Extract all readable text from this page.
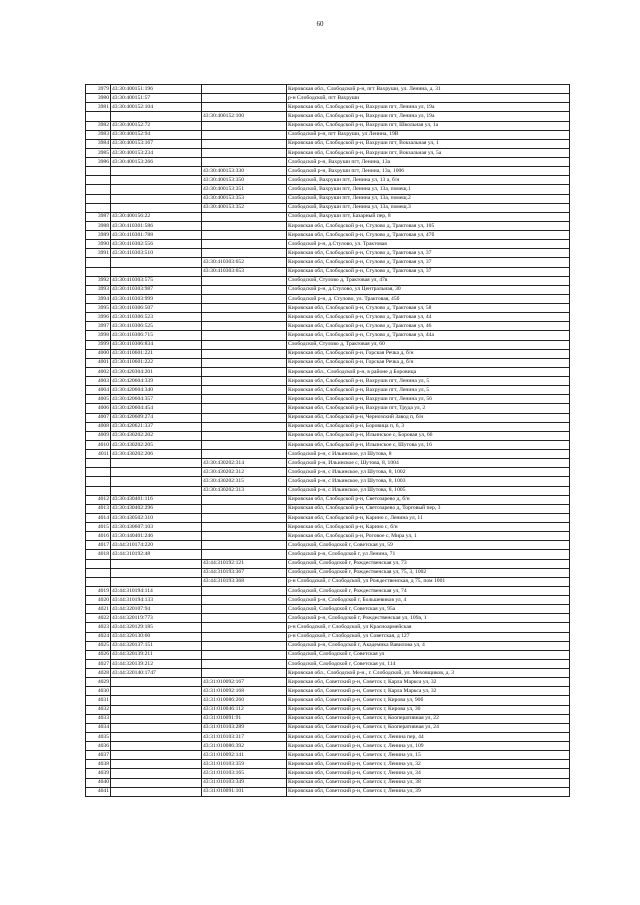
60
3979	43:30:400151:196		Кировская обл., Слободской р-н, пгт Вахруши, ул. Ленина, д. 31
3980	43:30:400151:57		р-н Слободской, пгт Вахруши
3981	43:30:400152:104		Кировская обл, Слободской р-н, Вахруши пгт, Ленина ул, 19а
		43:30:400152:100	Кировская обл, Слободской р-н, Вахруши пгт, Ленина ул, 19а
3982	43:30:400152:72		Кировская обл, Слободской р-н, Вахруши пгт, Школьная ул, 1а
3983	43:30:400152:94		Слободской р-н, пгт Вахруши, ул Ленина, 19В
3984	43:30:400153:167		Кировская обл, Слободской р-н, Вахруши пгт, Вокзальная ул, 1
3985	43:30:400153:234		Кировская обл, Слободской р-н, Вахруши пгт, Вокзальная ул, 5а
3986	43:30:400153:266		Слободской р-н, Вахруши пгт, Ленина, 13а
		43:30:400153:330	Слободской р-н, Вахруши пгт, Ленина, 13а, 1006
		43:30:400153:350	Слободской, Вахруши пгт, Ленина ул, 13 а, б/н
		43:30:400153:351	Слободской, Вахруши пгт, Ленина ул, 13а, помещ.1
		43:30:400153:353	Слободской, Вахруши пгт, Ленина ул, 13а, помещ.2
		43:30:400153:352	Слободской, Вахруши пгт, Ленина ул, 13а, помещ.3
3987	43:30:400156:22		Слободской, Вахруши пгт, Базарный пер, 8
3988	43:30:410301:586		Кировская обл, Слободской р-н, Стулово д, Трактовая ул, 105
3989	43:30:410301:788		Кировская обл, Слободской р-н, Стулово д, Трактовая ул, 47б
3990	43:30:410302:556		Слободской р-н, д.Стулово, ул. Трактовая
3991	43:30:410303:510		Кировская обл, Слободской р-н, Стулово д, Трактовая ул, 37
		43:30:410303:652	Кировская обл, Слободской р-н, Стулово д, Трактовая ул, 37
		43:30:410303:653	Кировская обл, Слободской р-н, Стулово д, Трактовая ул, 37
3992	43:30:410303:575		Слободской, Стулово д, Трактовая ул, 47в
3993	43:30:410303:987		Слободской р-н, д.Стулово, ул Центральная, 30
3994	43:30:410303:999		Слободской р-н, д. Стулово, ул. Трактовая, 45б
3995	43:30:410306:507		Кировская обл, Слободской р-н, Стулово д, Трактовая ул, 58
3996	43:30:410306:523		Кировская обл, Слободской р-н, Стулово д, Трактовая ул, 44
3997	43:30:410306:525		Кировская обл, Слободской р-н, Стулово д, Трактовая ул, 46
3998	43:30:410306:715		Кировская обл, Слободской р-н, Стулово д, Трактовая ул, 44а
3999	43:30:410306:834		Слободской, Стулово д, Трактовая ул, 60
4000	43:30:410601:221		Кировская обл, Слободской р-н, Горская Речка д, б/н
4001	43:30:410601:222		Кировская обл, Слободской р-н, Горская Речка д, б/н
4002	43:30:420304:201		Кировская обл., Слободской р-н, в районе д Боровица
4003	43:30:420604:339		Кировская обл, Слободской р-н, Вахруши пгт, Ленина ул, 5
4004	43:30:420604:340		Кировская обл, Слободской р-н, Вахруши пгт, Ленина ул, 5
4005	43:30:420604:357		Кировская обл, Слободской р-н, Вахруши пгт, Ленина ул, 56
4006	43:30:420604:454		Кировская обл, Слободской р-н, Вахруши пгт, Труда ул, 2
4007	43:30:420609:274		Кировская обл, Слободской р-н, Чернозский Завод п, б/н
4008	43:30:420621:337		Кировская обл, Слободской р-н, Боровица п, 6, 3
4009	43:30:430202:202		Кировская обл, Слободской р-н, Ильинское с, Боровая ул, 66
4010	43:30:430202:205		Кировская обл, Слободской р-н, Ильинское с, Шутова ул, 16
4011	43:30:430202:206		Слободской р-н, с Ильинское, ул Шутова, 8
		43:30:430202:314	Слободской р-н, Ильинское с, Шутова, 8, 1004
		43:30:430202:312	Слободской р-н, с Ильинское, ул Шутова, 8, 1002
		43:30:430202:315	Слободской р-н, с Ильинское, ул Шутова, 8, 1003
		43:30:430202:313	Слободской р-н, с Ильинское, ул Шутова, 8, 1005
4012	43:30:430401:116		Кировская обл, Слободской р-н, Светозарево д, б/н
4013	43:30:430402:296		Кировская обл, Слободской р-н, Светозарево д, Торговый пер, 3
4014	43:30:430502:310		Кировская обл, Слободской р-н, Карино с, Ленина ул, 11
4015	43:30:430607:103		Кировская обл, Слободской р-н, Карино с, б/н
4016	43:30:440401:246		Кировская обл, Слободской р-н, Роговое с, Мира ул, 1
4017	43:44:310174:220		Слободской, Слободской г, Советская ул, 59
4018	43:44:310192:48		Слободской р-н, Слободской г, ул Ленина, 71
		43:44:310192:121	Слободской, Слободской г, Рождественская ул, 73
		43:44:310193:367	Слободской, Слободской г, Рождественская ул, 75, 3, 1002
		43:44:310193:368	р-н Слободской, г Слободской, ул Рождественская, д 75, пом 1001
4019	43:44:310194:114		Слободской, Слободской г, Рождественская ул, 74
4020	43:44:310194:133		Слободской р-н, Слободской г, Большевиков ул, 4
4021	43:44:320107:94		Слободской, Слободской г, Советская ул, 95а
4022	43:44:320119:773		Слободской р-н, Слободской г, Рождественская ул, 109а, 1
4023	43:44:320129:185		р-н Слободской, г Слободской, ул Красноармейская
4024	43:44:320130:60		р-н Слободской, г Слободской, ул Советская, д 127
4025	43:44:320137:151		Слободской р-н, Слободской г, Академика Вавилова ул, 4
4026	43:44:320139:211		Слободской, Слободской г, Советская ул
4027	43:44:320139:212		Слободской, Слободской г, Советская ул, 114
4028	43:44:320140:1747		Кировская обл., Слободской р-н., г. Слободской, ул. Меховщиков, д. 3
4029		43:31:010092:167	Кировская обл, Советский р-н, Советск г, Карла Маркса ул, 32
4030		43:31:010092:168	Кировская обл, Советский р-н, Советск г, Карла Маркса ул, 32
4031		43:31:010086:260	Кировская обл, Советский р-н, Советск г, Кирова ул, 90б
4032		43:31:010046:112	Кировская обл, Советский р-н, Советск г, Кирова ул, 30
4033		43:31:010091:91	Кировская обл, Советский р-н, Советск г, Кооперативная ул, 22
4034		43:31:010103:289	Кировская обл, Советский р-н, Советск г, Кооперативная ул, 24
4035		43:31:010103:317	Кировская обл, Советский р-н, Советск г, Ленина пер, 44
4036		43:31:010086:392	Кировская обл, Советский р-н, Советск г, Ленина ул, 109
4037		43:31:010092:141	Кировская обл, Советский р-н, Советск г, Ленина ул, 15
4038		43:31:010103:359	Кировская обл, Советский р-н, Советск г, Ленина ул, 32
4039		43:31:010103:165	Кировская обл, Советский р-н, Советск г, Ленина ул, 34
4040		43:31:010103:349	Кировская обл, Советский р-н, Советск г, Ленина ул, 38
4041		43:31:010091:101	Кировская обл, Советский р-н, Советск г, Ленина ул, 39
